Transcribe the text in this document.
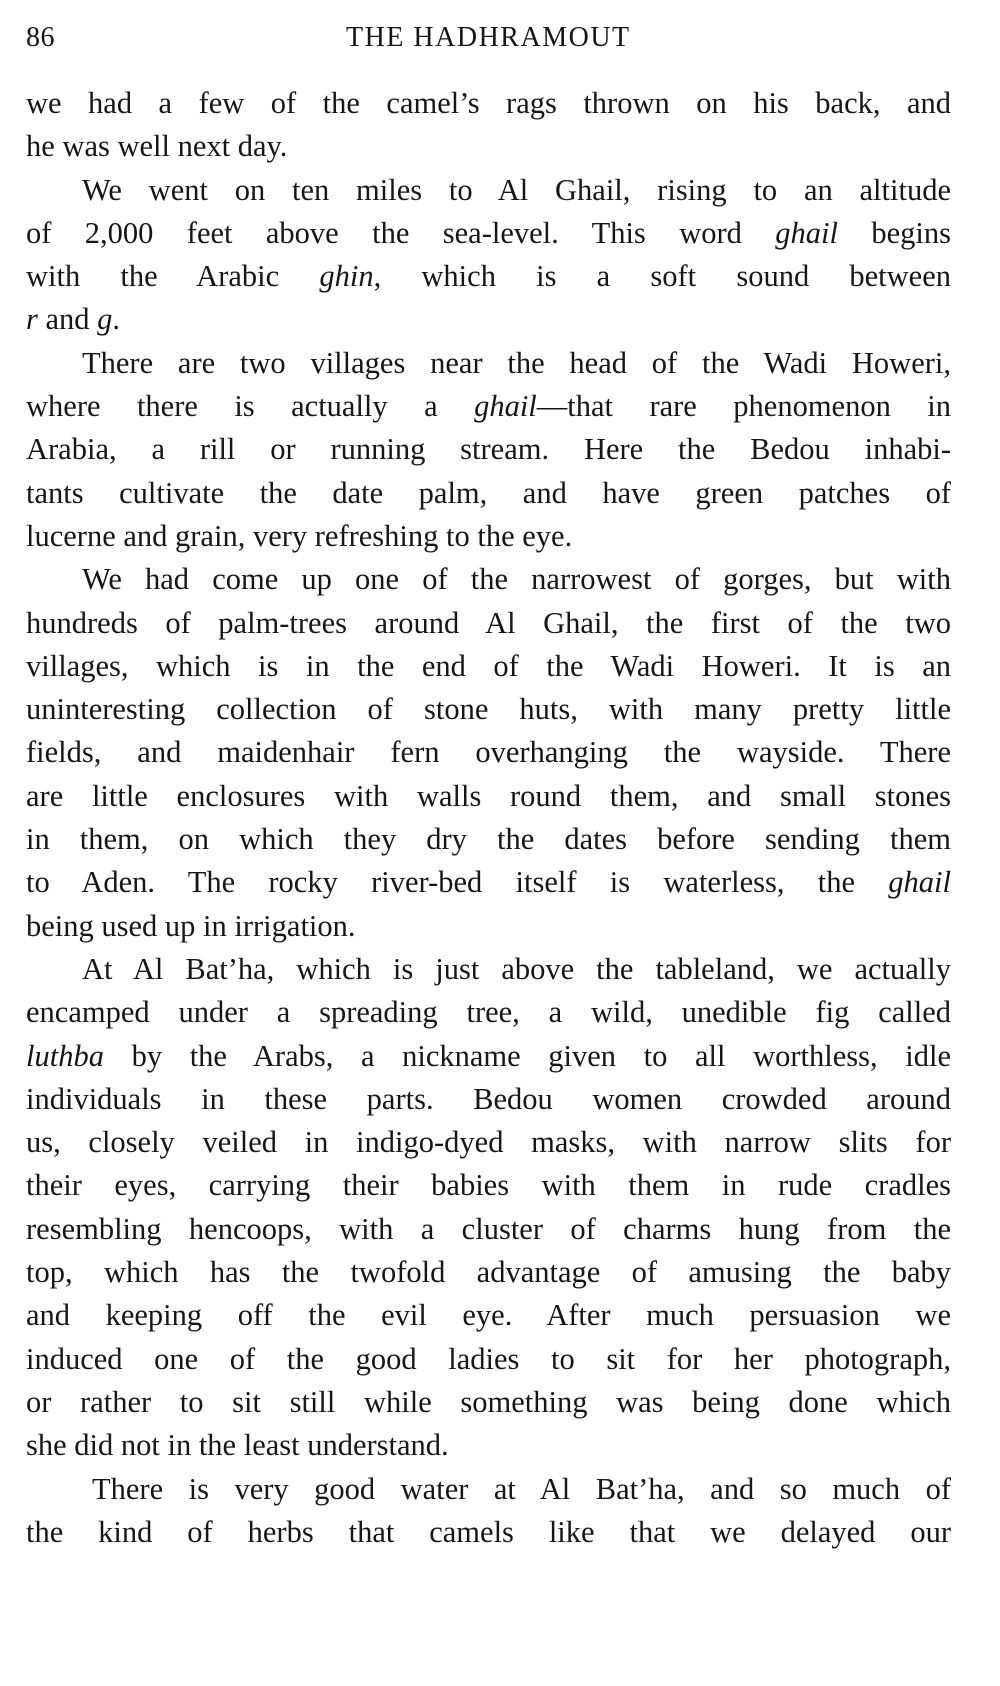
86	THE HADHRAMOUT
we had a few of the camel’s rags thrown on his back, and
he was well next day.
We went on ten miles to Al Ghail, rising to an altitude
of 2,000 feet above the sea-level. This word ghail begins
with the Arabic ghin, which is a soft sound between
r and g.
There are two villages near the head of the Wadi Howeri,
where there is actually a ghail—that rare phenomenon in
Arabia, a rill or running stream. Here the Bedou inhabi-
tants cultivate the date palm, and have green patches of
lucerne and grain, very refreshing to the eye.
We had come up one of the narrowest of gorges, but with
hundreds of palm-trees around Al Ghail, the first of the two
villages, which is in the end of the Wadi Howeri. It is an
uninteresting collection of stone huts, with many pretty little
fields, and maidenhair fern overhanging the wayside. There
are little enclosures with walls round them, and small stones
in them, on which they dry the dates before sending them
to Aden. The rocky river-bed itself is waterless, the ghail
being used up in irrigation.
At Al Bat’ha, which is just above the tableland, we actually
encamped under a spreading tree, a wild, unedible fig called
luthba by the Arabs, a nickname given to all worthless, idle
individuals in these parts. Bedou women crowded around
us, closely veiled in indigo-dyed masks, with narrow slits for
their eyes, carrying their babies with them in rude cradles
resembling hencoops, with a cluster of charms hung from the
top, which has the twofold advantage of amusing the baby
and keeping off the evil eye. After much persuasion we
induced one of the good ladies to sit for her photograph,
or rather to sit still while something was being done which
she did not in the least understand.
There is very good water at Al Bat’ha, and so much of
the kind of herbs that camels like that we delayed our
